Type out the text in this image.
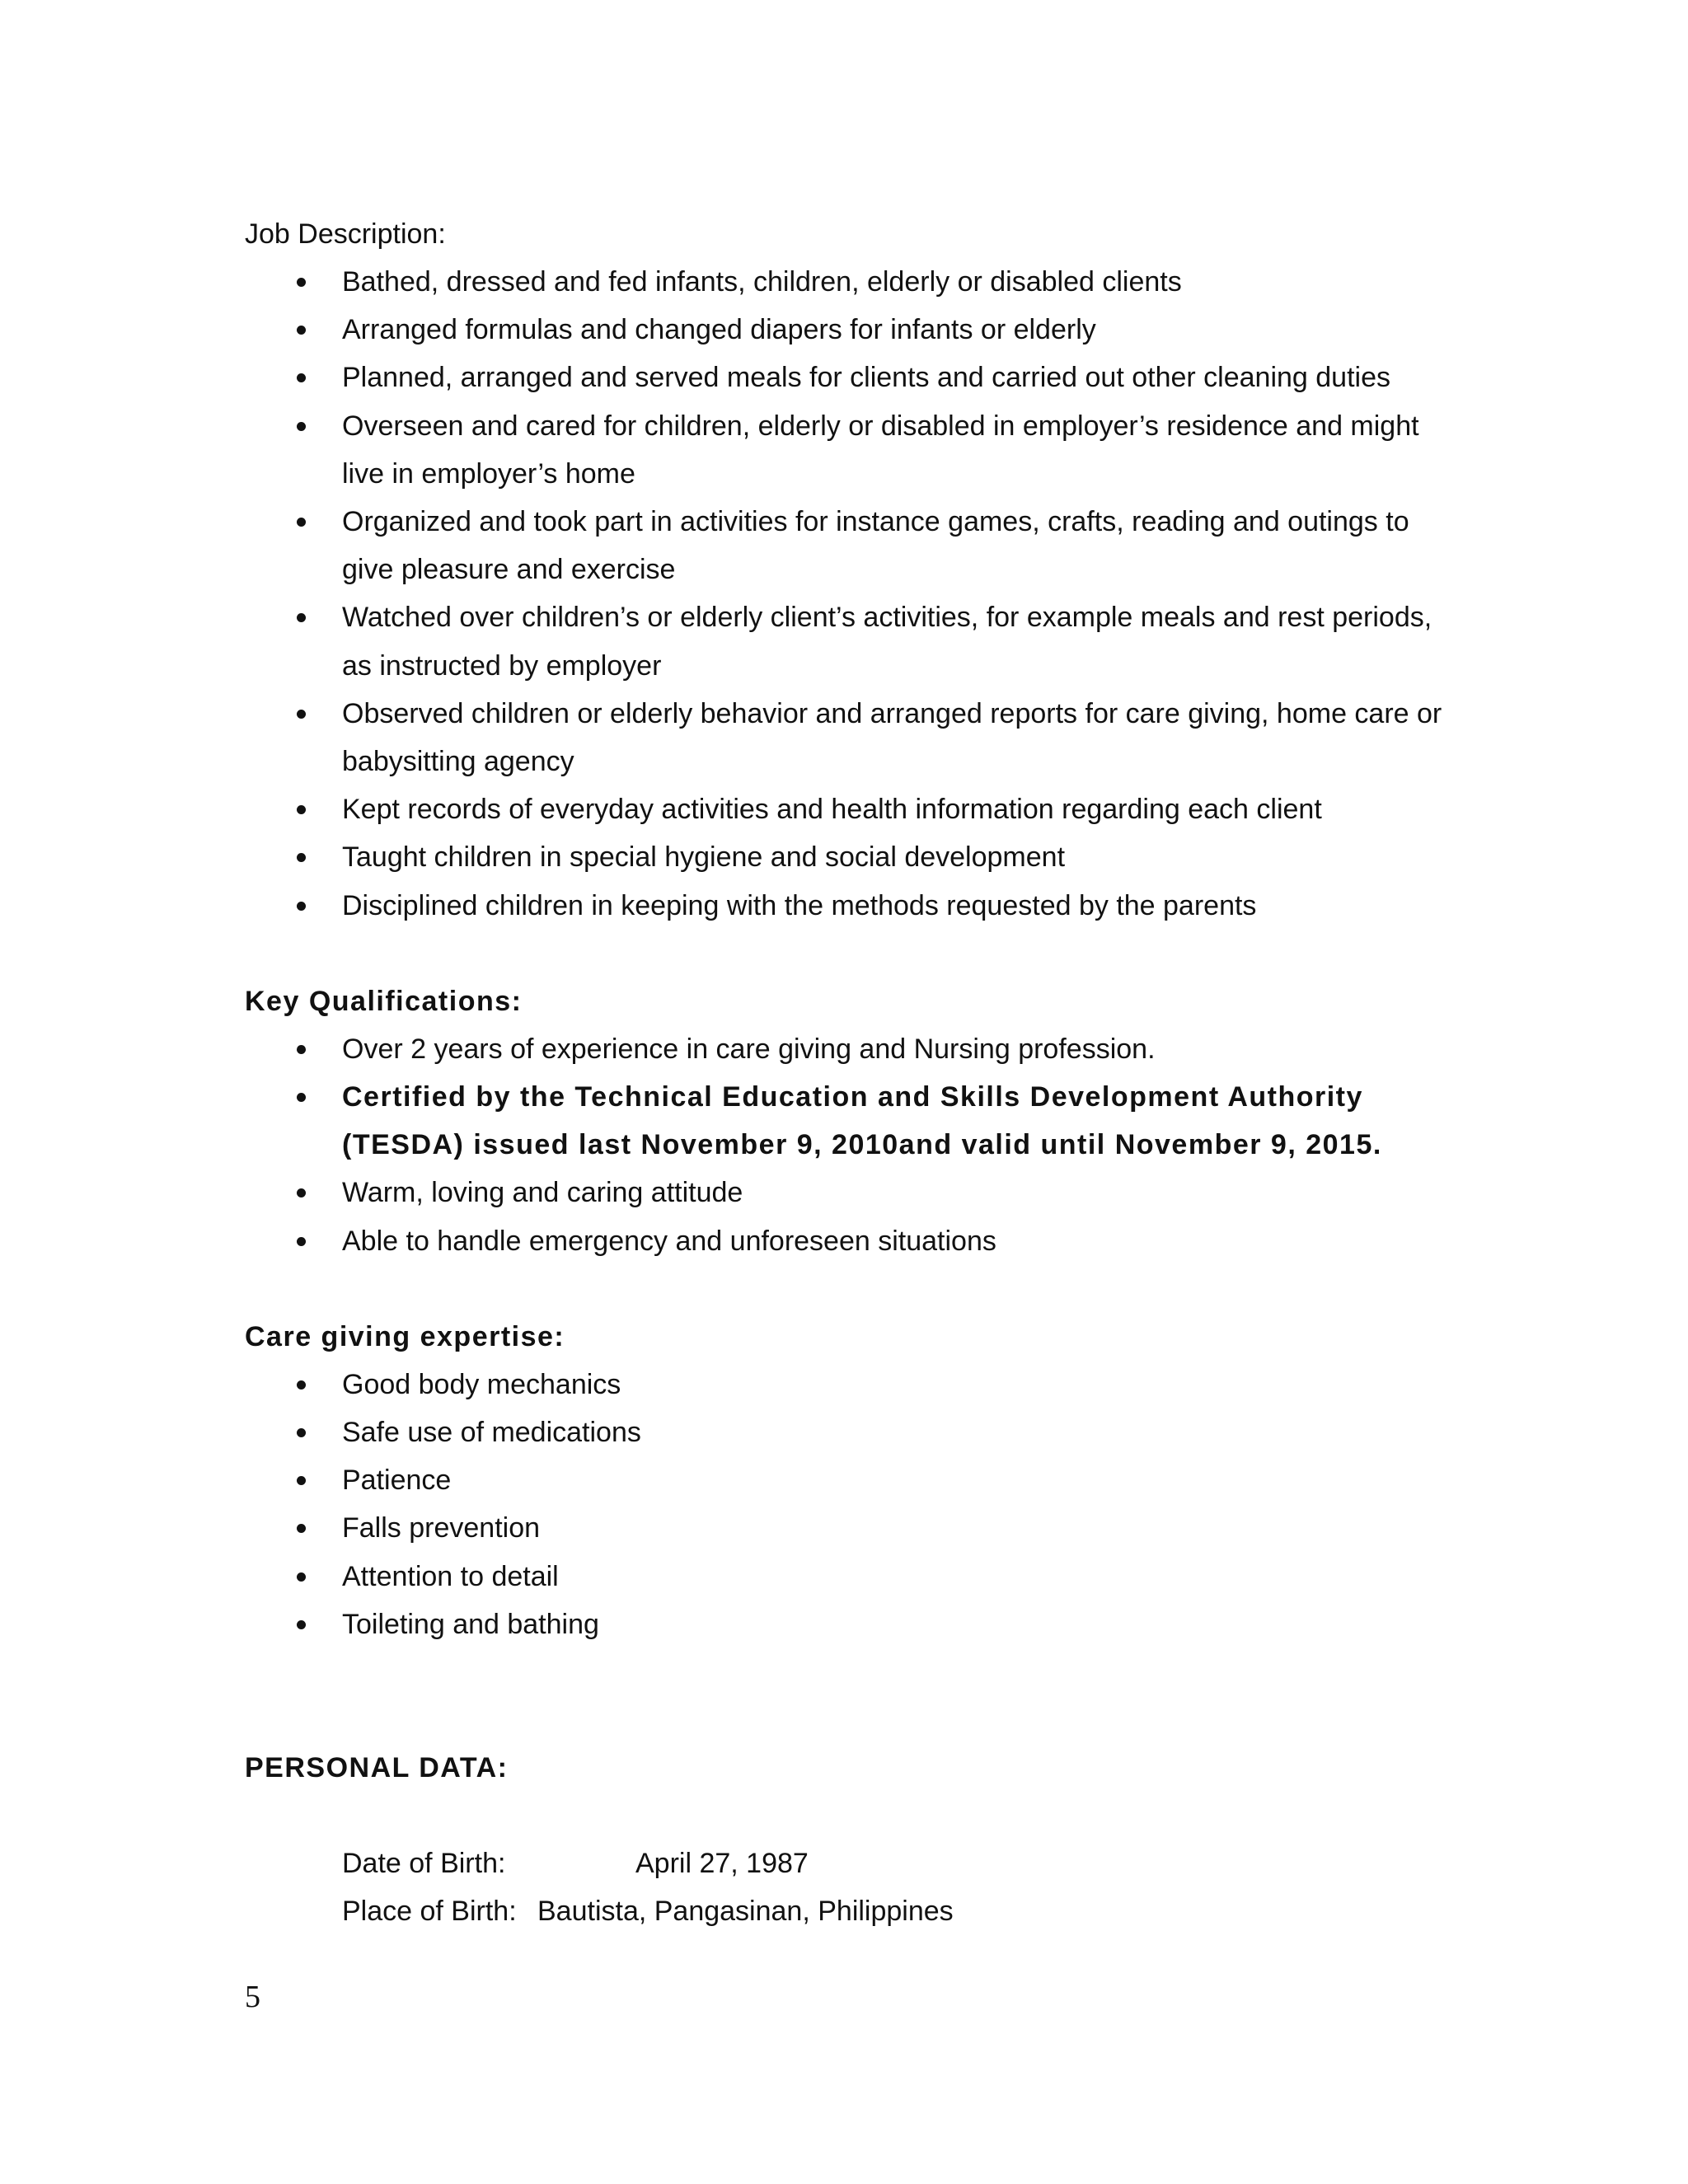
Job Description:
Bathed, dressed and fed infants, children, elderly or disabled clients
Arranged formulas and changed diapers for infants or elderly
Planned, arranged and served meals for clients and carried out other cleaning duties
Overseen and cared for children, elderly or disabled in employer’s residence and might live in employer’s home
Organized and took part in activities for instance games, crafts, reading and outings to give pleasure and exercise
Watched over children’s or elderly client’s activities, for example meals and rest periods, as instructed by employer
Observed children or elderly behavior and arranged reports for care giving, home care or babysitting agency
Kept records of everyday activities and health information regarding each client
Taught children in special hygiene and social development
Disciplined children in keeping with the methods requested by the parents
Key Qualifications:
Over 2 years of experience in care giving and Nursing profession.
Certified by the Technical Education and Skills Development Authority (TESDA) issued last November 9, 2010and valid until November 9, 2015.
Warm, loving and caring attitude
Able to handle emergency and unforeseen situations
Care giving expertise:
Good body mechanics
Safe use of medications
Patience
Falls prevention
Attention to detail
Toileting and bathing
PERSONAL DATA:
Date of Birth:	April 27, 1987
Place of Birth: Bautista, Pangasinan, Philippines
5
